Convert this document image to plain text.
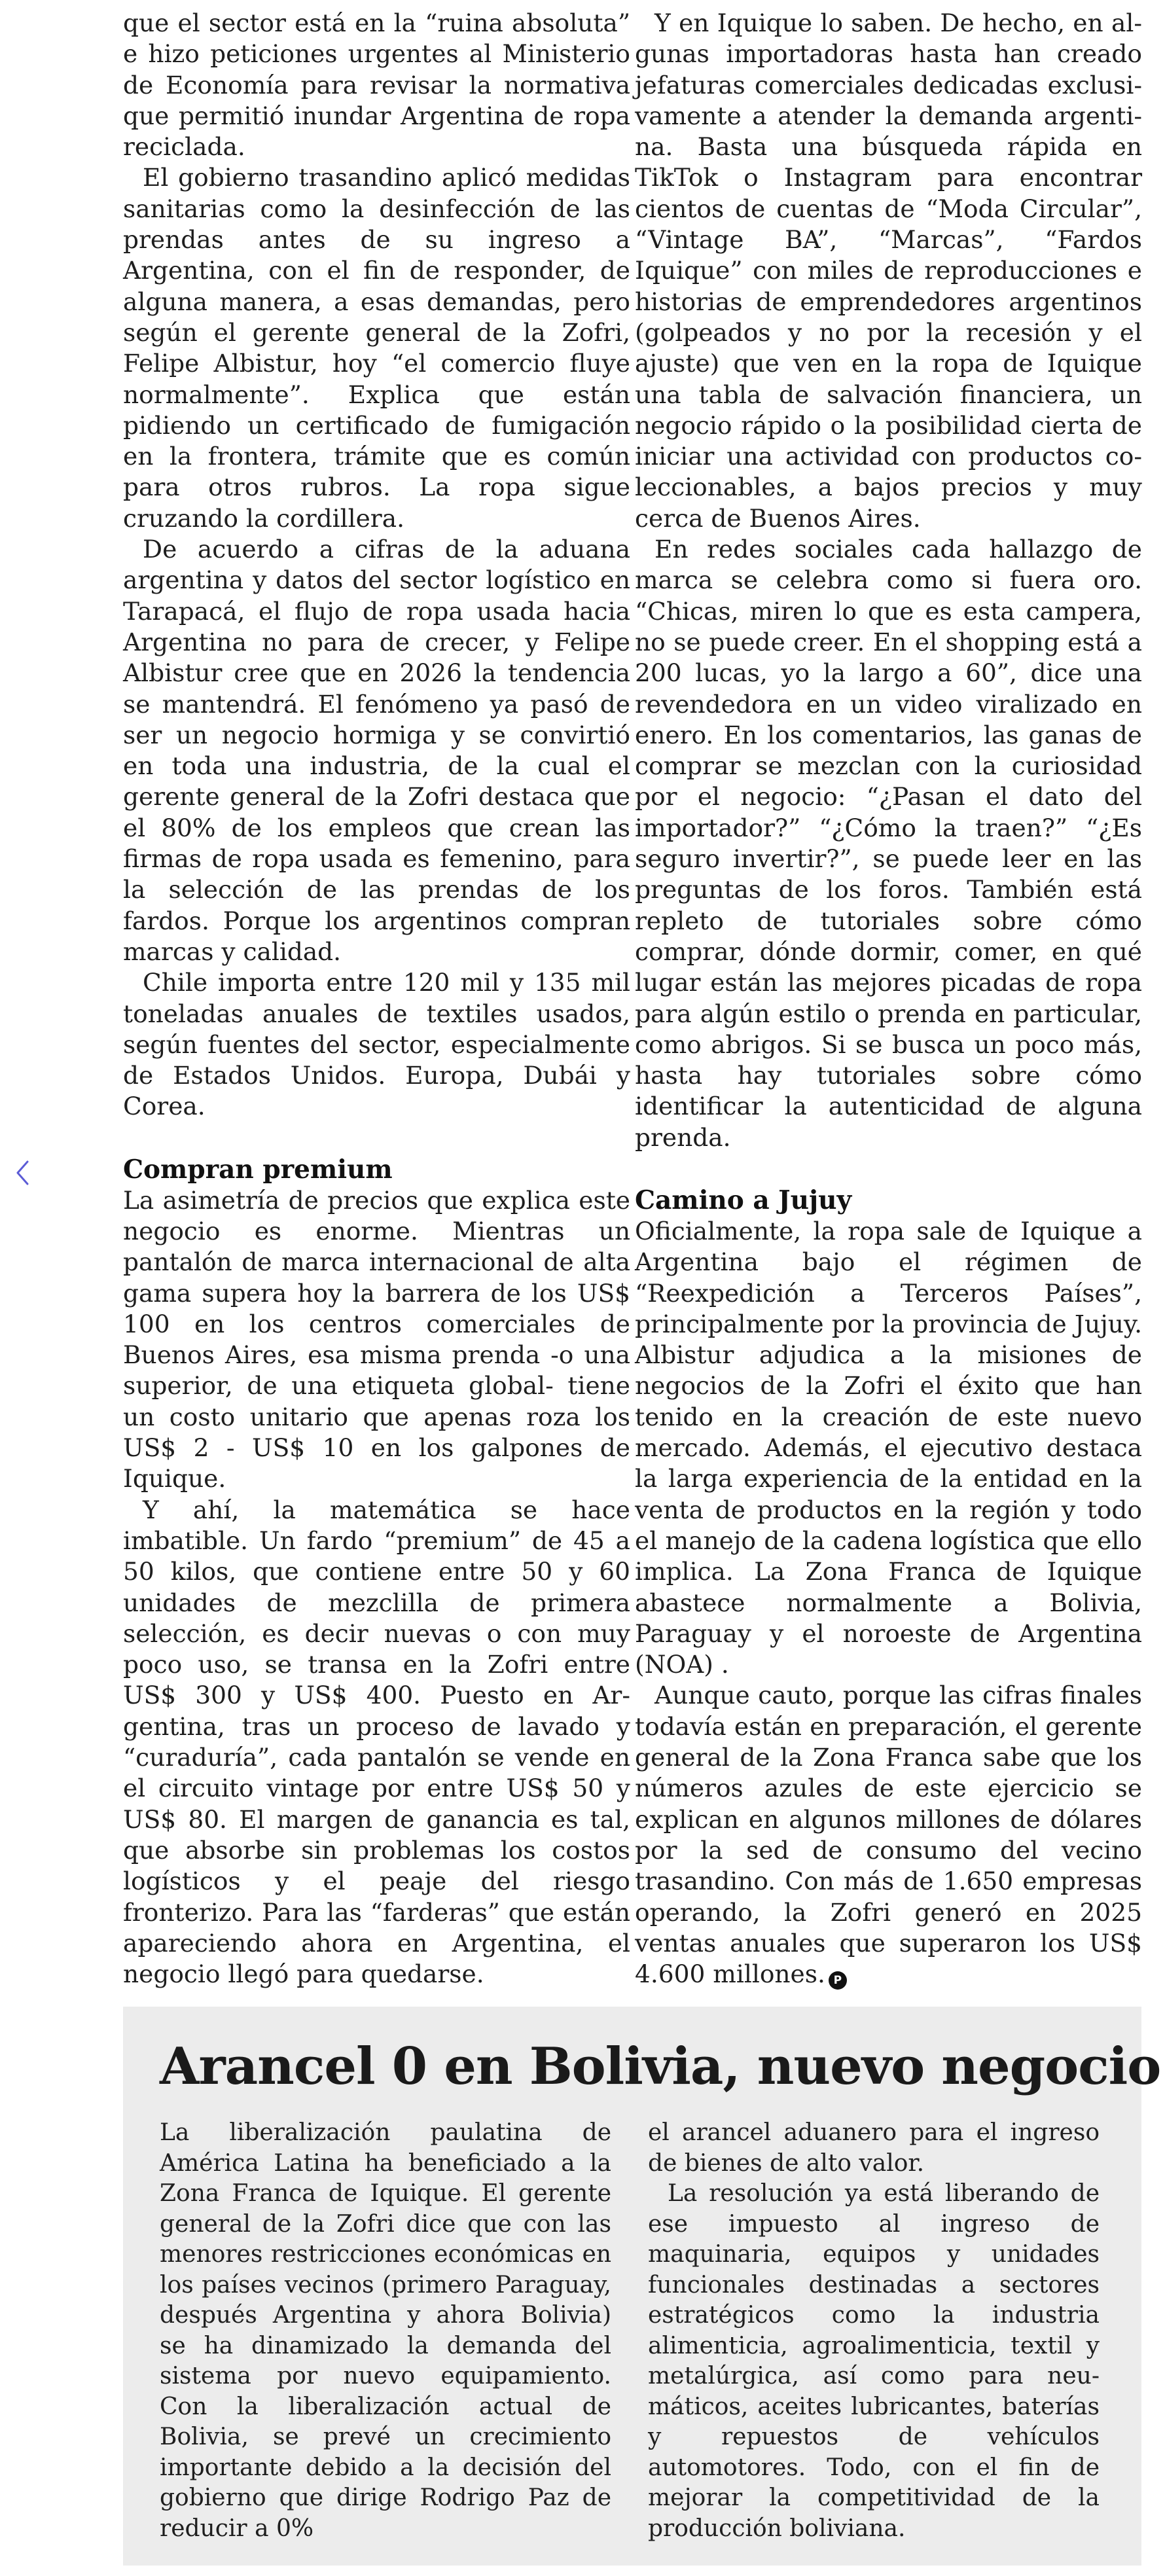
que el sector está en la “ruina absoluta” e hizo peticiones urgentes al Ministerio de Economía para revisar la normativa que permitió inundar Argentina de ropa reciclada.

El gobierno trasandino aplicó medidas sanitarias como la desinfección de las prendas antes de su ingreso a Argentina, con el fin de responder, de alguna manera, a esas demandas, pero según el gerente general de la Zofri, Felipe Albistur, hoy “el comercio fluye normalmente”. Explica que están pidiendo un certificado de fumigación en la frontera, trámite que es común para otros rubros. La ropa sigue cruzando la cordillera.

De acuerdo a cifras de la aduana argentina y datos del sector logístico en Tarapacá, el flujo de ropa usada hacia Argentina no para de crecer, y Felipe Albistur cree que en 2026 la tendencia se mantendrá. El fenómeno ya pasó de ser un negocio hormiga y se convirtió en toda una industria, de la cual el gerente general de la Zofri destaca que el 80% de los empleos que crean las firmas de ropa usada es femenino, para la selección de las prendas de los fardos. Porque los argentinos compran marcas y calidad.

Chile importa entre 120 mil y 135 mil toneladas anuales de textiles usados, según fuentes del sector, especialmente de Estados Unidos. Europa, Dubái y Corea.

Compran premium

La asimetría de precios que explica este negocio es enorme. Mientras un pantalón de marca internacional de alta gama supera hoy la barrera de los US$ 100 en los centros comerciales de Buenos Aires, esa misma prenda -o una superior, de una etiqueta global- tiene un costo unitario que apenas roza los US$ 2 - US$ 10 en los galpones de Iquique.

Y ahí, la matemática se hace imbatible. Un fardo “premium” de 45 a 50 kilos, que contiene entre 50 y 60 unidades de mezclilla de primera selección, es decir nuevas o con muy poco uso, se transa en la Zofri entre US$ 300 y US$ 400. Puesto en Argentina, tras un proceso de lavado y “curaduría”, cada pantalón se vende en el circuito vintage por entre US$ 50 y US$ 80. El margen de ganancia es tal, que absorbe sin problemas los costos logísticos y el peaje del riesgo fronterizo. Para las “farderas” que están apareciendo ahora en Argentina, el negocio llegó para quedarse.

Y en Iquique lo saben. De hecho, en algunas importadoras hasta han creado jefaturas comerciales dedicadas exclusivamente a atender la demanda argentina. Basta una búsqueda rápida en TikTok o Instagram para encontrar cientos de cuentas de “Moda Circular”, “Vintage BA”, “Marcas”, “Fardos Iquique” con miles de reproducciones e historias de emprendedores argentinos (golpeados y no por la recesión y el ajuste) que ven en la ropa de Iquique una tabla de salvación financiera, un negocio rápido o la posibilidad cierta de iniciar una actividad con productos coleccionables, a bajos precios y muy cerca de Buenos Aires.

En redes sociales cada hallazgo de marca se celebra como si fuera oro. “Chicas, miren lo que es esta campera, no se puede creer. En el shopping está a 200 lucas, yo la largo a 60”, dice una revendedora en un video viralizado en enero. En los comentarios, las ganas de comprar se mezclan con la curiosidad por el negocio: “¿Pasan el dato del importador?” “¿Cómo la traen?” “¿Es seguro invertir?”, se puede leer en las preguntas de los foros. También está repleto de tutoriales sobre cómo comprar, dónde dormir, comer, en qué lugar están las mejores picadas de ropa para algún estilo o prenda en particular, como abrigos. Si se busca un poco más, hasta hay tutoriales sobre cómo identificar la autenticidad de alguna prenda.

Camino a Jujuy

Oficialmente, la ropa sale de Iquique a Argentina bajo el régimen de “Reexpedición a Terceros Países”, principalmente por la provincia de Jujuy. Albistur adjudica a la misiones de negocios de la Zofri el éxito que han tenido en la creación de este nuevo mercado. Además, el ejecutivo destaca la larga experiencia de la entidad en la venta de productos en la región y todo el manejo de la cadena logística que ello implica. La Zona Franca de Iquique abastece normalmente a Bolivia, Paraguay y el noroeste de Argentina (NOA) .

Aunque cauto, porque las cifras finales todavía están en preparación, el gerente general de la Zona Franca sabe que los números azules de este ejercicio se explican en algunos millones de dólares por la sed de consumo del vecino trasandino. Con más de 1.650 empresas operando, la Zofri generó en 2025 ventas anuales que superaron los US$ 4.600 millones. P

Arancel 0 en Bolivia, nuevo negocio

La liberalización paulatina de América Latina ha beneficiado a la Zona Franca de Iquique. El gerente general de la Zofri dice que con las menores restricciones económicas en los países vecinos (primero Paraguay, después Argentina y ahora Bolivia) se ha dinamizado la demanda del sistema por nuevo equipamiento. Con la liberalización actual de Bolivia, se prevé un crecimiento importante debido a la decisión del gobierno que dirige Rodrigo Paz de reducir a 0%

el arancel aduanero para el ingreso de bienes de alto valor.

La resolución ya está liberando de ese impuesto al ingreso de maquinaria, equipos y unidades funcionales destinadas a sectores estratégicos como la industria alimenticia, agroalimenticia, textil y metalúrgica, así como para neumáticos, aceites lubricantes, baterías y repuestos de vehículos automotores. Todo, con el fin de mejorar la competitividad de la producción boliviana.
